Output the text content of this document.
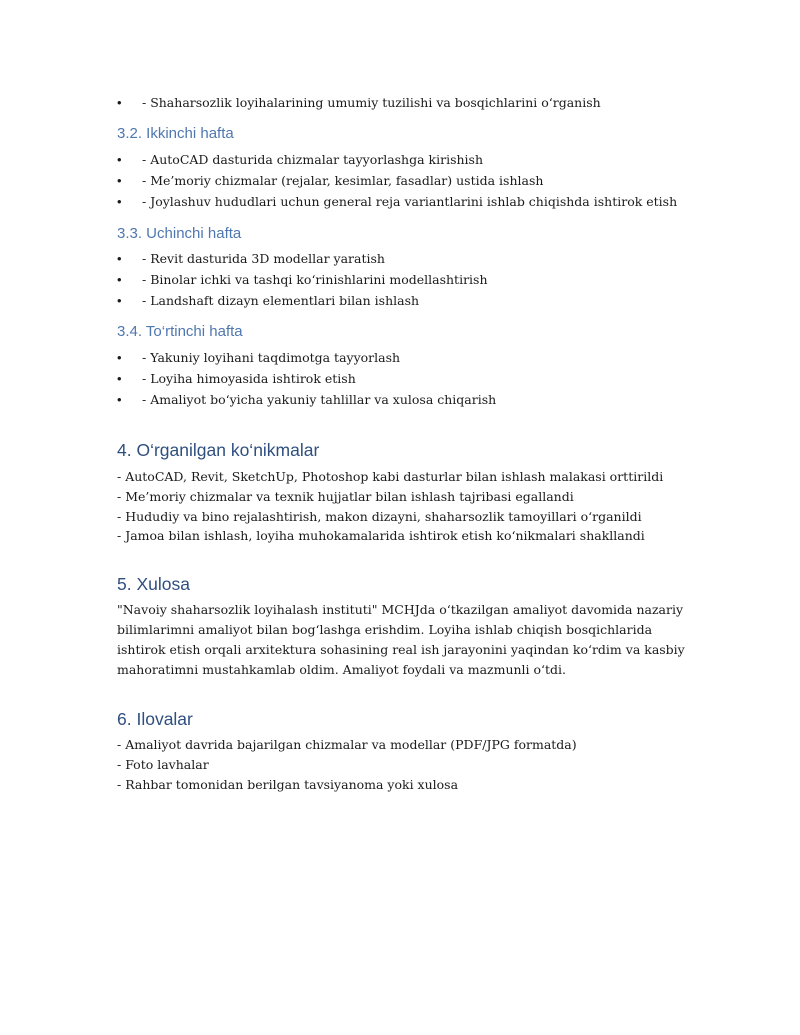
• - Shaharsozlik loyihalarining umumiy tuzilishi va bosqichlarini o‘rganish
3.2. Ikkinchi hafta
• - AutoCAD dasturida chizmalar tayyorlashga kirishish
• - Me’moriy chizmalar (rejalar, kesimlar, fasadlar) ustida ishlash
• - Joylashuv hududlari uchun general reja variantlarini ishlab chiqishda ishtirok etish
3.3. Uchinchi hafta
• - Revit dasturida 3D modellar yaratish
• - Binolar ichki va tashqi ko‘rinishlarini modellashtirish
• - Landshaft dizayn elementlari bilan ishlash
3.4. To‘rtinchi hafta
• - Yakuniy loyihani taqdimotga tayyorlash
• - Loyiha himoyasida ishtirok etish
• - Amaliyot bo‘yicha yakuniy tahlillar va xulosa chiqarish
4. O‘rganilgan ko‘nikmalar
- AutoCAD, Revit, SketchUp, Photoshop kabi dasturlar bilan ishlash malakasi orttirildi
- Me’moriy chizmalar va texnik hujjatlar bilan ishlash tajribasi egallandi
- Hududiy va bino rejalashtirish, makon dizayni, shaharsozlik tamoyillari o‘rganildi
- Jamoa bilan ishlash, loyiha muhokamalarida ishtirok etish ko‘nikmalari shakllandi
5. Xulosa
"Navoiy shaharsozlik loyihalash instituti" MCHJda o‘tkazilgan amaliyot davomida nazariy
bilimlarimni amaliyot bilan bog‘lashga erishdim. Loyiha ishlab chiqish bosqichlarida
ishtirok etish orqali arxitektura sohasining real ish jarayonini yaqindan ko‘rdim va kasbiy
mahoratimni mustahkamlab oldim. Amaliyot foydali va mazmunli o‘tdi.
6. Ilovalar
- Amaliyot davrida bajarilgan chizmalar va modellar (PDF/JPG formatda)
- Foto lavhalar
- Rahbar tomonidan berilgan tavsiyanoma yoki xulosa
